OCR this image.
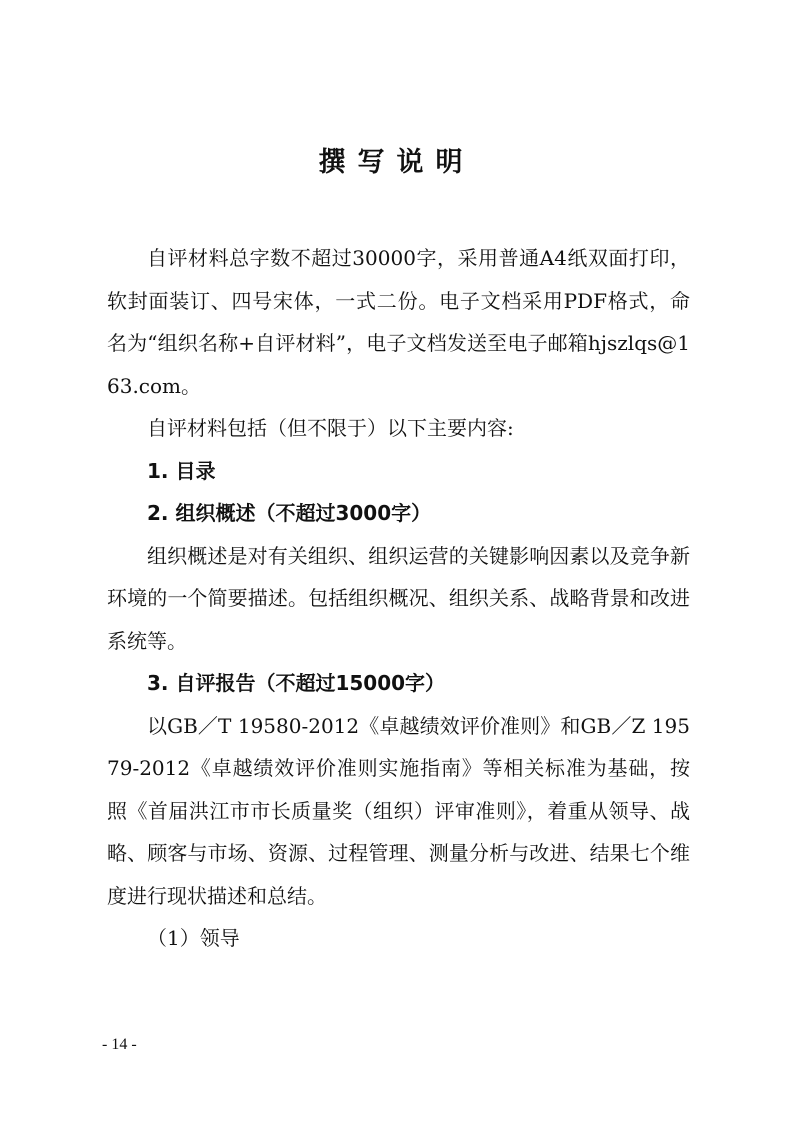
撰写说明

自评材料总字数不超过30000字，采用普通A4纸双面打印，软封面装订、四号宋体，一式二份。电子文档采用PDF格式，命名为“组织名称+自评材料”，电子文档发送至电子邮箱hjszlqs@163.com。

自评材料包括（但不限于）以下主要内容:

1. 目录

2. 组织概述（不超过3000字）

组织概述是对有关组织、组织运营的关键影响因素以及竞争新环境的一个简要描述。包括组织概况、组织关系、战略背景和改进系统等。

3. 自评报告（不超过15000字）

以GB／T 19580-2012《卓越绩效评价准则》和GB／Z 19579-2012《卓越绩效评价准则实施指南》等相关标准为基础，按照《首届洪江市市长质量奖（组织）评审准则》，着重从领导、战略、顾客与市场、资源、过程管理、测量分析与改进、结果七个维度进行现状描述和总结。

（1）领导

- 14 -
